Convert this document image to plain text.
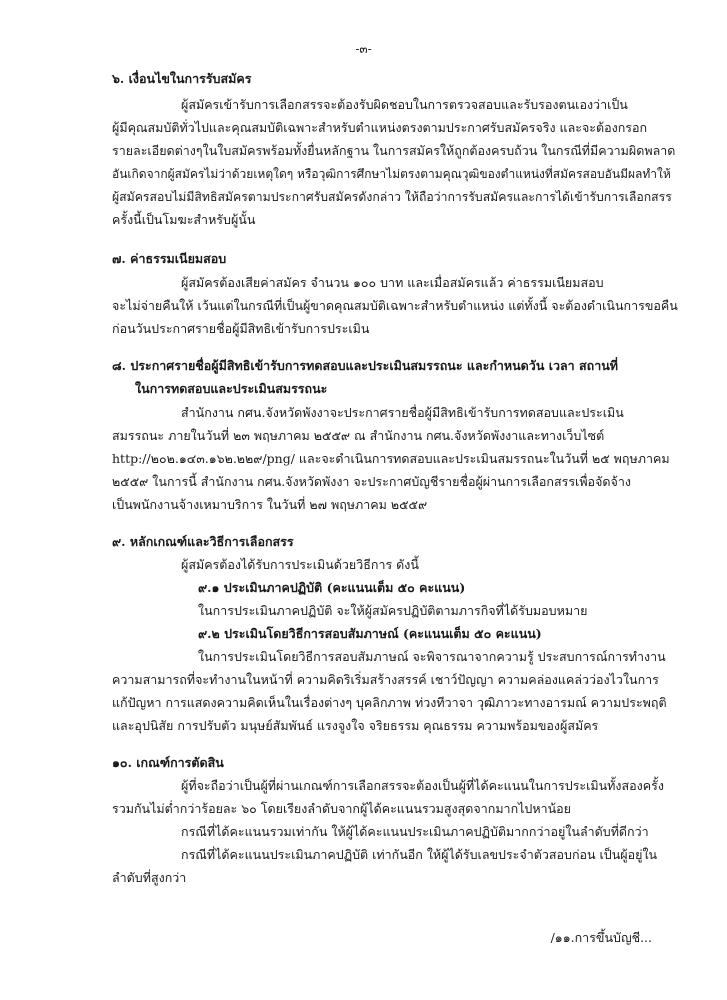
-๓-
๖. เงื่อนไขในการรับสมัคร
ผู้สมัครเข้ารับการเลือกสรรจะต้องรับผิดชอบในการตรวจสอบและรับรองตนเองว่าเป็น
ผู้มีคุณสมบัติทั่วไปและคุณสมบัติเฉพาะสำหรับตำแหน่งตรงตามประกาศรับสมัครจริง และจะต้องกรอก
รายละเอียดต่างๆในใบสมัครพร้อมทั้งยื่นหลักฐาน ในการสมัครให้ถูกต้องครบถ้วน ในกรณีที่มีความผิดพลาด
อันเกิดจากผู้สมัครไม่ว่าด้วยเหตุใดๆ หรือวุฒิการศึกษาไม่ตรงตามคุณวุฒิของตำแหน่งที่สมัครสอบอันมีผลทำให้
ผู้สมัครสอบไม่มีสิทธิสมัครตามประกาศรับสมัครดังกล่าว ให้ถือว่าการรับสมัครและการได้เข้ารับการเลือกสรร
ครั้งนี้เป็นโมฆะสำหรับผู้นั้น
๗. ค่าธรรมเนียมสอบ
ผู้สมัครต้องเสียค่าสมัคร จำนวน ๑๐๐ บาท และเมื่อสมัครแล้ว ค่าธรรมเนียมสอบ
จะไม่จ่ายคืนให้ เว้นแต่ในกรณีที่เป็นผู้ขาดคุณสมบัติเฉพาะสำหรับตำแหน่ง แต่ทั้งนี้ จะต้องดำเนินการขอคืน
ก่อนวันประกาศรายชื่อผู้มีสิทธิเข้ารับการประเมิน
๘. ประกาศรายชื่อผู้มีสิทธิเข้ารับการทดสอบและประเมินสมรรถนะ และกำหนดวัน เวลา สถานที่
ในการทดสอบและประเมินสมรรถนะ
สำนักงาน กศน.จังหวัดพังงาจะประกาศรายชื่อผู้มีสิทธิเข้ารับการทดสอบและประเมิน
สมรรถนะ ภายในวันที่ ๒๓ พฤษภาคม ๒๕๕๙ ณ สำนักงาน กศน.จังหวัดพังงาและทางเว็บไซต์
http://๒๐๒.๑๔๓.๑๖๒.๒๒๙/png/ และจะดำเนินการทดสอบและประเมินสมรรถนะในวันที่ ๒๕ พฤษภาคม
๒๕๕๙ ในการนี้ สำนักงาน กศน.จังหวัดพังงา จะประกาศบัญชีรายชื่อผู้ผ่านการเลือกสรรเพื่อจัดจ้าง
เป็นพนักงานจ้างเหมาบริการ ในวันที่ ๒๗ พฤษภาคม ๒๕๕๙
๙. หลักเกณฑ์และวิธีการเลือกสรร
ผู้สมัครต้องได้รับการประเมินด้วยวิธีการ ดังนี้
๙.๑ ประเมินภาคปฏิบัติ (คะแนนเต็ม ๕๐ คะแนน)
ในการประเมินภาคปฏิบัติ จะให้ผู้สมัครปฏิบัติตามภารกิจที่ได้รับมอบหมาย
๙.๒ ประเมินโดยวิธีการสอบสัมภาษณ์ (คะแนนเต็ม ๕๐ คะแนน)
ในการประเมินโดยวิธีการสอบสัมภาษณ์ จะพิจารณาจากความรู้ ประสบการณ์การทำงาน
ความสามารถที่จะทำงานในหน้าที่ ความคิดริเริ่มสร้างสรรค์ เชาว์ปัญญา ความคล่องแคล่วว่องไวในการ
แก้ปัญหา การแสดงความคิดเห็นในเรื่องต่างๆ บุคลิกภาพ ท่วงทีวาจา วุฒิภาวะทางอารมณ์ ความประพฤติ
และอุปนิสัย การปรับตัว มนุษย์สัมพันธ์ แรงจูงใจ จริยธรรม คุณธรรม ความพร้อมของผู้สมัคร
๑๐. เกณฑ์การตัดสิน
ผู้ที่จะถือว่าเป็นผู้ที่ผ่านเกณฑ์การเลือกสรรจะต้องเป็นผู้ที่ได้คะแนนในการประเมินทั้งสองครั้ง
รวมกันไม่ต่ำกว่าร้อยละ ๖๐ โดยเรียงลำดับจากผู้ได้คะแนนรวมสูงสุดจากมากไปหาน้อย
กรณีที่ได้คะแนนรวมเท่ากัน ให้ผู้ได้คะแนนประเมินภาคปฏิบัติมากกว่าอยู่ในลำดับที่ดีกว่า
กรณีที่ได้คะแนนประเมินภาคปฏิบัติ เท่ากันอีก ให้ผู้ได้รับเลขประจำตัวสอบก่อน เป็นผู้อยู่ใน
ลำดับที่สูงกว่า
/๑๑.การขึ้นบัญชี...
